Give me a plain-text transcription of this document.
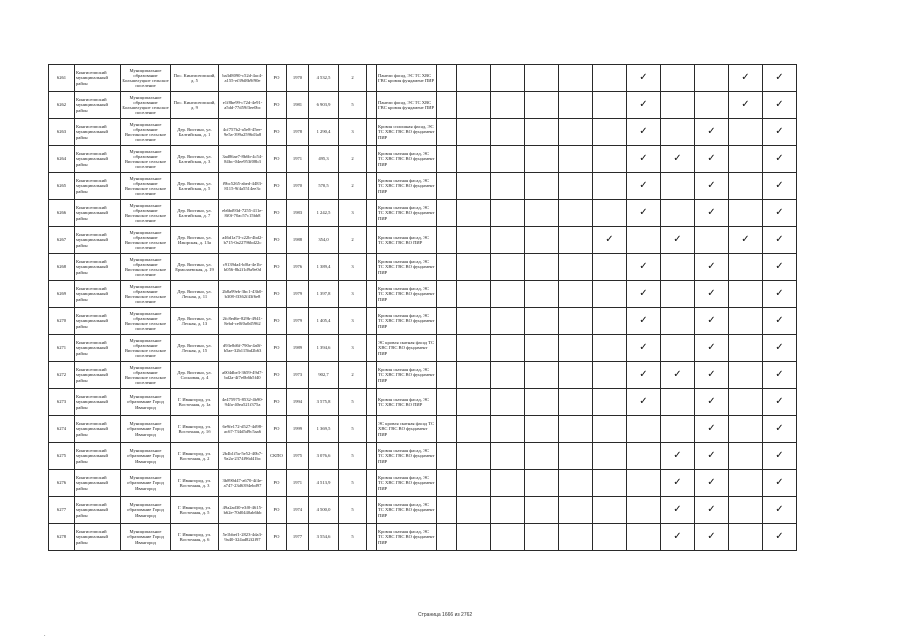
6261	Кингисеппский муниципальный район	Муниципальное образование Большелуцкое сельское поселение	Пос. Кингисеппский, д. 5	ba3d8090-c52d-4ac4-a155-ef39d8b9f90e	РО	1970	4 532,5	2		Панели фасад, ЭС ТС ХВС ГВС кровля фундамент ПИР							✓			✓	✓
6262	Кингисеппский муниципальный район	Муниципальное образование Большелуцкое сельское поселение	Пос. Кингисеппский, д. 9	e1f8be99-c72d-4e91-a5dd-77d59f3ee0bc	РО	1981	6 903,9	5		Панели фасад, ЭС ТС ХВС ГВС кровля фундамент ПИР							✓			✓	✓
6263	Кингисеппский муниципальный район	Муниципальное образование Вистинское сельское поселение	Дер. Вистино, ул. Балтийская, д. 1	4cf757b2-a5e8-45ee-9e5a-399a2596d3a8	РО	1978	1 290,4	3		Кровля сплошная фасад, ЭС ТС ХВС ГВС ВО фундамент ПИР							✓		✓		✓
6264	Кингисеппский муниципальный район	Муниципальное образование Вистинское сельское поселение	Дер. Вистино, ул. Балтийская, д. 3	3ad86ae7-8b6b-4c54-84bc-04ee953f08b3	РО	1971	495,3	2		Кровля скатная фасад, ЭС ТС ХВС ГВС ВО фундамент ПИР							✓	✓	✓		✓
6265	Кингисеппский муниципальный район	Муниципальное образование Вистинское сельское поселение	Дер. Вистино, ул. Балтийская, д. 5	f9bc5265-abed-4483-8115-9f4a5514ee3c	РО	1970	570,5	2		Кровля скатная фасад, ЭС ТС ХВС ГВС ВО фундамент ПИР							✓		✓		✓
6266	Кингисеппский муниципальный район	Муниципальное образование Вистинское сельское поселение	Дер. Вистино, ул. Балтийская, д. 7	eb6bd93d-7255-411e-8f0f-70ac57c15bb8	РО	1983	1 242,5	3		Кровля скатная фасад, ЭС ТС ХВС ГВС ВО фундамент ПИР							✓		✓		✓
6267	Кингисеппский муниципальный район	Муниципальное образование Вистинское сельское поселение	Дер. Вистино, ул. Ижорская, д. 13а	a46d1a73-c22b-4bd2-b715-0a22796bd22c	РО	1988	354,0	2		Кровля скатная фасад, ЭС ТС ХВС ГВС ВО ПИР						✓		✓		✓	✓
6268	Кингисеппский муниципальный район	Муниципальное образование Вистинское сельское поселение	Дер. Вистино, ул. Ермолаевская, д. 19	c9139da4-bf0a-4e1b-b056-8b2f1d9a9e0d	РО	1976	1 389,4	3		Кровля скатная фасад, ЭС ТС ХВС ГВС ВО фундамент ПИР							✓		✓		✓
6269	Кингисеппский муниципальный район	Муниципальное образование Вистинское сельское поселение	Дер. Вистино, ул. Лесная, д. 11	2b8a99eb-3bc1-43b0-b308-f3362f43f6e8	РО	1979	1 397,8	3		Кровля скатная фасад, ЭС ТС ХВС ГВС ВО фундамент ПИР							✓		✓		✓
6270	Кингисеппский муниципальный район	Муниципальное образование Вистинское сельское поселение	Дер. Вистино, ул. Лесная, д. 13	2fc8ed6e-829b-4941-8ebd-ce0f0a0d5962	РО	1979	1 405,4	3		Кровля скатная фасад, ЭС ТС ХВС ГВС ВО фундамент ПИР							✓		✓		✓
6271	Кингисеппский муниципальный район	Муниципальное образование Вистинское сельское поселение	Дер. Вистино, ул. Лесная, д. 15	d93e8d6f-790a-4a0f-b5ae-32b115bd2b63	РО	1989	1 394,6	3		ЭС кровля скатная фасад ТС ХВС ГВС ВО фундамент ПИР							✓		✓		✓
6272	Кингисеппский муниципальный район	Муниципальное образование Вистинское сельское поселение	Дер. Вистино, ул. Сосновая, д. 4	a004dbe3-3659-49d7-bd2a-4f7e0b6b5f40	РО	1973	902,7	2		Кровля скатная фасад, ЭС ТС ХВС ГВС ВО фундамент ПИР							✓	✓	✓		✓
6273	Кингисеппский муниципальный район	Муниципальное образование Город Ивангород	Г. Ивангород, ул. Восточная, д. 1а	4e475975-8532-4b90-94fa-40ea521f375a	РО	1994	3 575,8	5		Кровля скатная фасад, ЭС ТС ХВС ГВС ВО ПИР							✓		✓		✓
6274	Кингисеппский муниципальный район	Муниципальное образование Город Ивангород	Г. Ивангород, ул. Восточная, д. 1б	6e9fe172-d527-4d98-ac67-734d5d9c5aa6	РО	1999	1 369,5	5		ЭС кровля скатная фасад ТС ХВС ГВС ВО фундамент ПИР									✓		✓
6275	Кингисеппский муниципальный район	Муниципальное образование Город Ивангород	Г. Ивангород, ул. Восточная, д. 2	2b4b1f5a-5e52-40b7-9a2a-2374f96d41bc	СКПО	1975	3 076,6	5		Кровля скатная фасад, ЭС ТС ХВС ГВС ВО фундамент ПИР								✓	✓		✓
6276	Кингисеппский муниципальный район	Муниципальное образование Город Ивангород	Г. Ивангород, ул. Восточная, д. 3	3b890d47-a670-4f4e-a747-23d6394ebd97	РО	1971	4 513,9	5		Кровля скатная фасад, ЭС ТС ХВС ГВС ВО фундамент ПИР								✓	✓		✓
6277	Кингисеппский муниципальный район	Муниципальное образование Город Ивангород	Г. Ивангород, ул. Восточная, д. 5	49a2ad30-e3f0-4615-b62e-70d0440ab6bb	РО	1974	4 500,0	5		Кровля скатная фасад, ЭС ТС ХВС ГВС ВО фундамент ПИР								✓	✓		✓
6278	Кингисеппский муниципальный район	Муниципальное образование Город Ивангород	Г. Ивангород, ул. Восточная, д. 6	5e1bbef1-2823-4da3-9a40-324ad82f2f97	РО	1977	3 554,6	5		Кровля скатная фасад, ЭС ТС ХВС ГВС ВО фундамент ПИР								✓	✓		✓
Страница 1666 из 2762
.
